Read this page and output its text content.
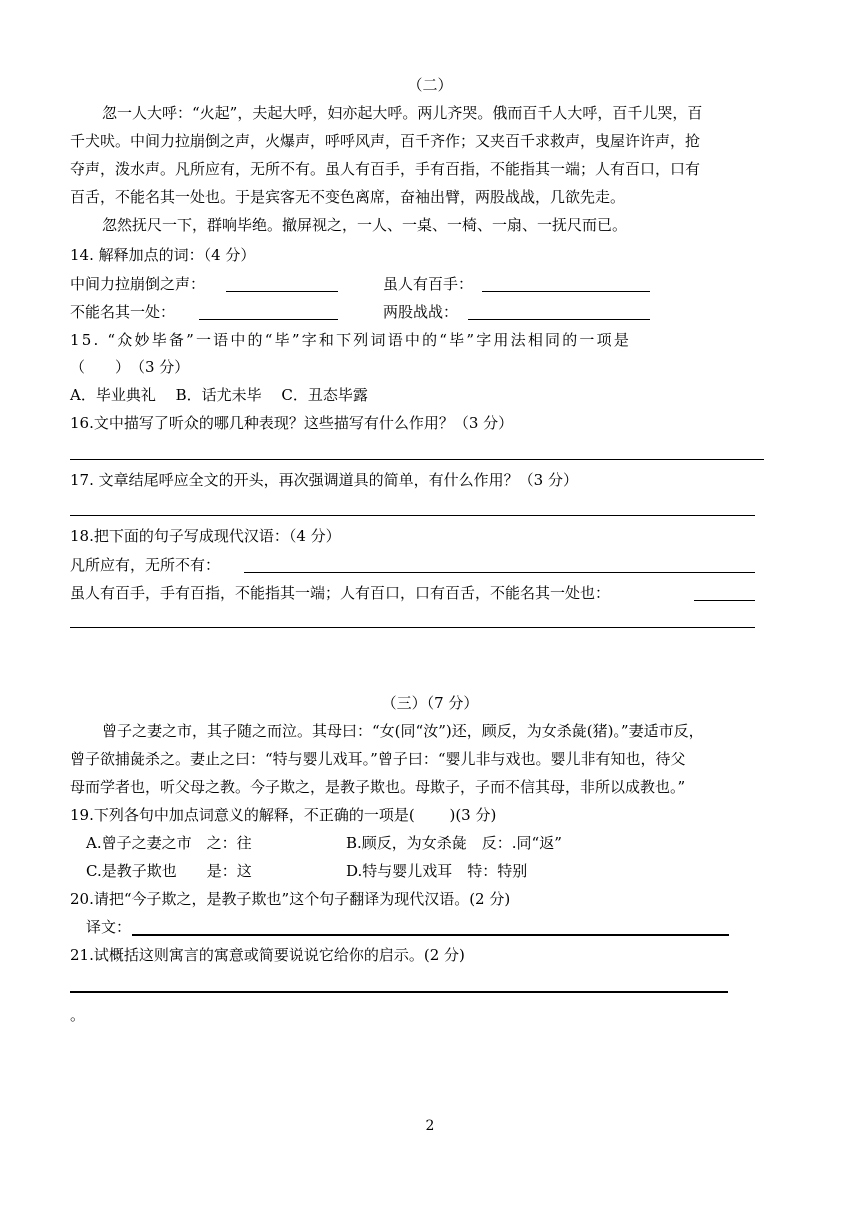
（二）
忽一人大呼：“火起”，夫起大呼，妇亦起大呼。两儿齐哭。俄而百千人大呼，百千儿哭，百
千犬吠。中间力拉崩倒之声，火爆声，呼呼风声，百千齐作；又夹百千求救声，曳屋许许声，抢
夺声，泼水声。凡所应有，无所不有。虽人有百手，手有百指，不能指其一端；人有百口，口有
百舌，不能名其一处也。于是宾客无不变色离席，奋袖出臂，两股战战，几欲先走。
忽然抚尺一下，群响毕绝。撤屏视之，一人、一桌、一椅、一扇、一抚尺而已。
14. 解释加点的词：（4 分）
中间力拉崩倒之声：	虽人有百手：
不能名其一处：	两股战战：
15. “众妙毕备”一语中的“毕”字和下列词语中的“毕”字用法相同的一项是
（　　）　（3 分）
A．毕业典礼　 B．话尤未毕　 C．丑态毕露
16.文中描写了听众的哪几种表现？这些描写有什么作用？（3 分）
17. 文章结尾呼应全文的开头，再次强调道具的简单，有什么作用？（3 分）
18.把下面的句子写成现代汉语：（4 分）
凡所应有，无所不有：
虽人有百手，手有百指，不能指其一端；人有百口，口有百舌，不能名其一处也：
（三）（7 分）
曾子之妻之市，其子随之而泣。其母曰：“女(同“汝”)还，顾反，为女杀彘(猪)。”妻适市反，
曾子欲捕彘杀之。妻止之曰：“特与婴儿戏耳。”曾子曰：“婴儿非与戏也。婴儿非有知也，待父
母而学者也，听父母之教。今子欺之，是教子欺也。母欺子，子而不信其母，非所以成教也。”
19.下列各句中加点词意义的解释，不正确的一项是(　　 )(3 分)
A.曾子之妻之市　之：往	B.顾反，为女杀彘　反：.同“返”
C.是教子欺也　　是：这	D.特与婴儿戏耳　特：特别
20.请把“今子欺之，是教子欺也”这个句子翻译为现代汉语。(2 分)
译文：
21.试概括这则寓言的寓意或简要说说它给你的启示。(2 分)
。
2
